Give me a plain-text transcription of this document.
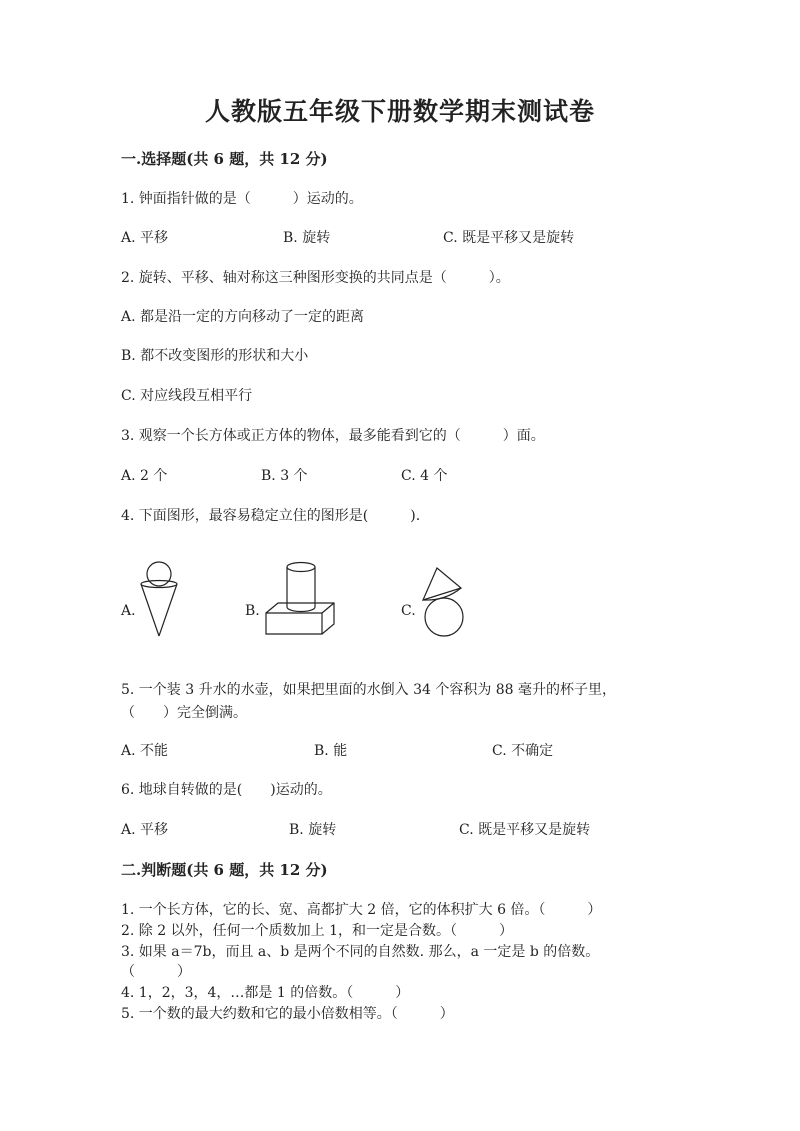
人教版五年级下册数学期末测试卷
一.选择题(共 6 题，共 12 分)
1. 钟面指针做的是（　　　）运动的。
A. 平移	B. 旋转	C. 既是平移又是旋转
2. 旋转、平移、轴对称这三种图形变换的共同点是（　　　）。
A. 都是沿一定的方向移动了一定的距离
B. 都不改变图形的形状和大小
C. 对应线段互相平行
3. 观察一个长方体或正方体的物体，最多能看到它的（　　　）面。
A. 2 个	B. 3 个	C. 4 个
4. 下面图形，最容易稳定立住的图形是(　　　).
A.	B.	C.
5. 一个装 3 升水的水壶，如果把里面的水倒入 34 个容积为 88 毫升的杯子里，
（　　）完全倒满。
A. 不能	B. 能	C. 不确定
6. 地球自转做的是(　　)运动的。
A. 平移	B. 旋转	C. 既是平移又是旋转
二.判断题(共 6 题，共 12 分)
1. 一个长方体，它的长、宽、高都扩大 2 倍，它的体积扩大 6 倍。（　　　）
2. 除 2 以外，任何一个质数加上 1，和一定是合数。（　　　）
3. 如果 a＝7b，而且 a、b 是两个不同的自然数. 那么，a 一定是 b 的倍数。
（　　　）
4. 1，2，3，4，…都是 1 的倍数。（　　　）
5. 一个数的最大约数和它的最小倍数相等。（　　　）
